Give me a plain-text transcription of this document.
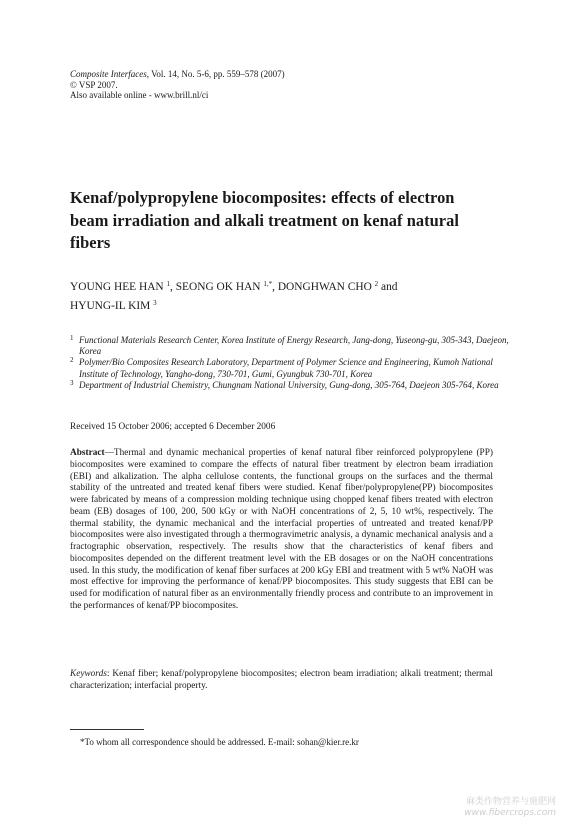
Composite Interfaces, Vol. 14, No. 5-6, pp. 559–578 (2007)
© VSP 2007.
Also available online - www.brill.nl/ci
Kenaf/polypropylene biocomposites: effects of electron beam irradiation and alkali treatment on kenaf natural fibers
YOUNG HEE HAN $^1$, SEONG OK HAN $^{1,*}$, DONGHWAN CHO $^2$ and
HYUNG-IL KIM $^3$
1 Functional Materials Research Center, Korea Institute of Energy Research, Jang-dong, Yuseong-gu, 305-343, Daejeon, Korea
2 Polymer/Bio Composites Research Laboratory, Department of Polymer Science and Engineering, Kumoh National Institute of Technology, Yangho-dong, 730-701, Gumi, Gyungbuk 730-701, Korea
3 Department of Industrial Chemistry, Chungnam National University, Gung-dong, 305-764, Daejeon 305-764, Korea
Received 15 October 2006; accepted 6 December 2006
Abstract—Thermal and dynamic mechanical properties of kenaf natural fiber reinforced polypropylene (PP) biocomposites were examined to compare the effects of natural fiber treatment by electron beam irradiation (EBI) and alkalization. The alpha cellulose contents, the functional groups on the surfaces and the thermal stability of the untreated and treated kenaf fibers were studied. Kenaf fiber/polypropylene(PP) biocomposites were fabricated by means of a compression molding technique using chopped kenaf fibers treated with electron beam (EB) dosages of 100, 200, 500 kGy or with NaOH concentrations of 2, 5, 10 wt%, respectively. The thermal stability, the dynamic mechanical and the interfacial properties of untreated and treated kenaf/PP biocomposites were also investigated through a thermogravimetric analysis, a dynamic mechanical analysis and a fractographic observation, respectively. The results show that the characteristics of kenaf fibers and biocomposites depended on the different treatment level with the EB dosages or on the NaOH concentrations used. In this study, the modification of kenaf fiber surfaces at 200 kGy EBI and treatment with 5 wt% NaOH was most effective for improving the performance of kenaf/PP biocomposites. This study suggests that EBI can be used for modification of natural fiber as an environmentally friendly process and contribute to an improvement in the performances of kenaf/PP biocomposites.
Keywords: Kenaf fiber; kenaf/polypropylene biocomposites; electron beam irradiation; alkali treatment; thermal characterization; interfacial property.
*To whom all correspondence should be addressed. E-mail: sohan@kier.re.kr
麻类作物营养与施肥网
www.fibercrops.com
